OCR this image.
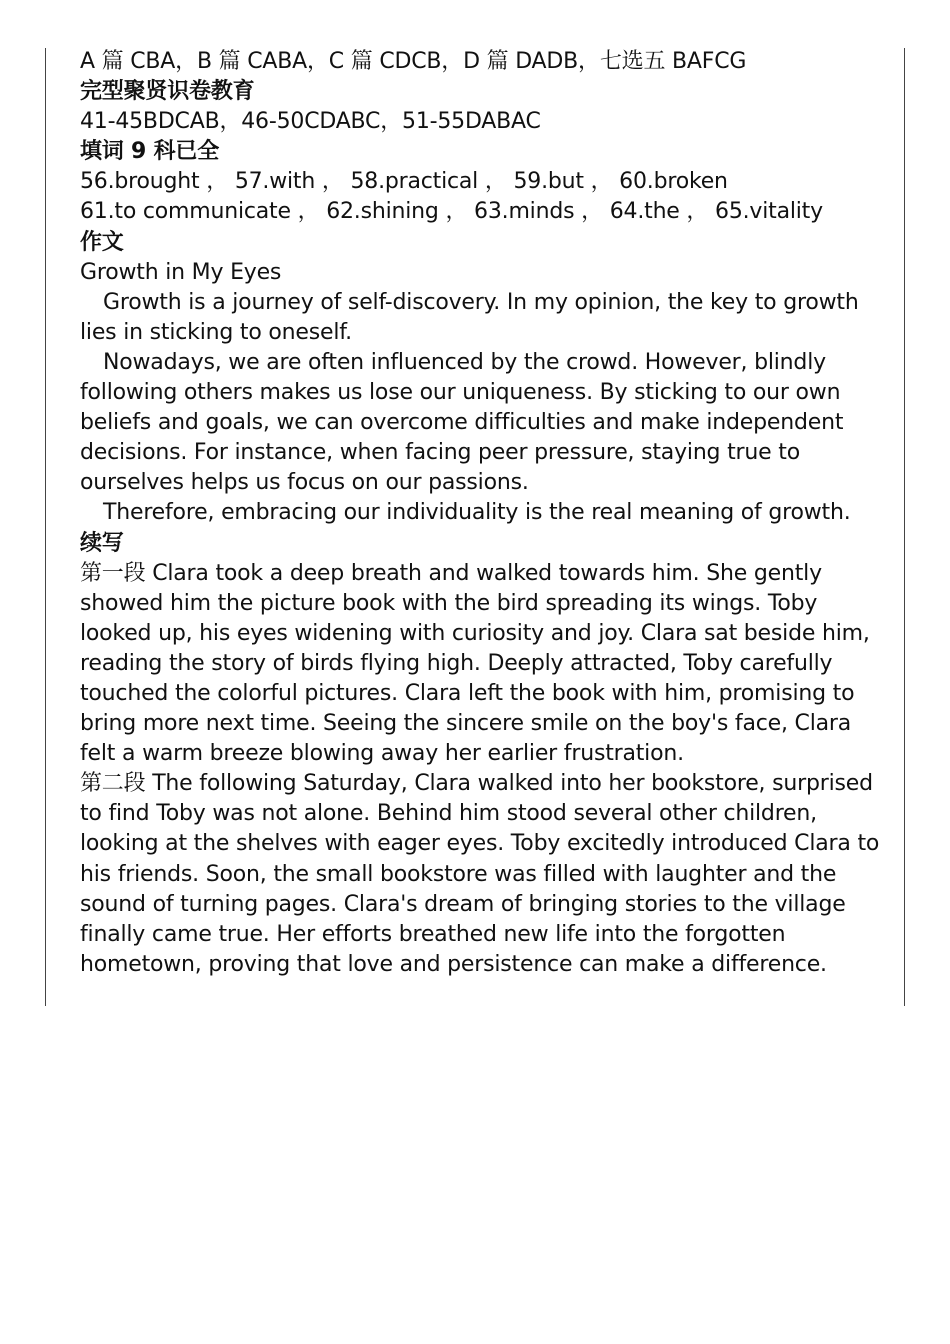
A 篇 CBA，B 篇 CABA，C 篇 CDCB，D 篇 DADB，七选五 BAFCG

完型聚贤识卷教育

41-45BDCAB，46-50CDABC，51-55DABAC

填词 9 科已全

56.brought ， 57.with ， 58.practical ， 59.but ， 60.broken

61.to communicate ， 62.shining ， 63.minds ， 64.the ， 65.vitality

作文

Growth in My Eyes

Growth is a journey of self-discovery. In my opinion, the key to growth lies in sticking to oneself.

Nowadays, we are often influenced by the crowd. However, blindly following others makes us lose our uniqueness. By sticking to our own beliefs and goals, we can overcome difficulties and make independent decisions. For instance, when facing peer pressure, staying true to ourselves helps us focus on our passions.

Therefore, embracing our individuality is the real meaning of growth.

续写

第一段 Clara took a deep breath and walked towards him. She gently showed him the picture book with the bird spreading its wings. Toby looked up, his eyes widening with curiosity and joy. Clara sat beside him, reading the story of birds flying high. Deeply attracted, Toby carefully touched the colorful pictures. Clara left the book with him, promising to bring more next time. Seeing the sincere smile on the boy's face, Clara felt a warm breeze blowing away her earlier frustration.

第二段 The following Saturday, Clara walked into her bookstore, surprised to find Toby was not alone. Behind him stood several other children, looking at the shelves with eager eyes. Toby excitedly introduced Clara to his friends. Soon, the small bookstore was filled with laughter and the sound of turning pages. Clara's dream of bringing stories to the village finally came true. Her efforts breathed new life into the forgotten hometown, proving that love and persistence can make a difference.
